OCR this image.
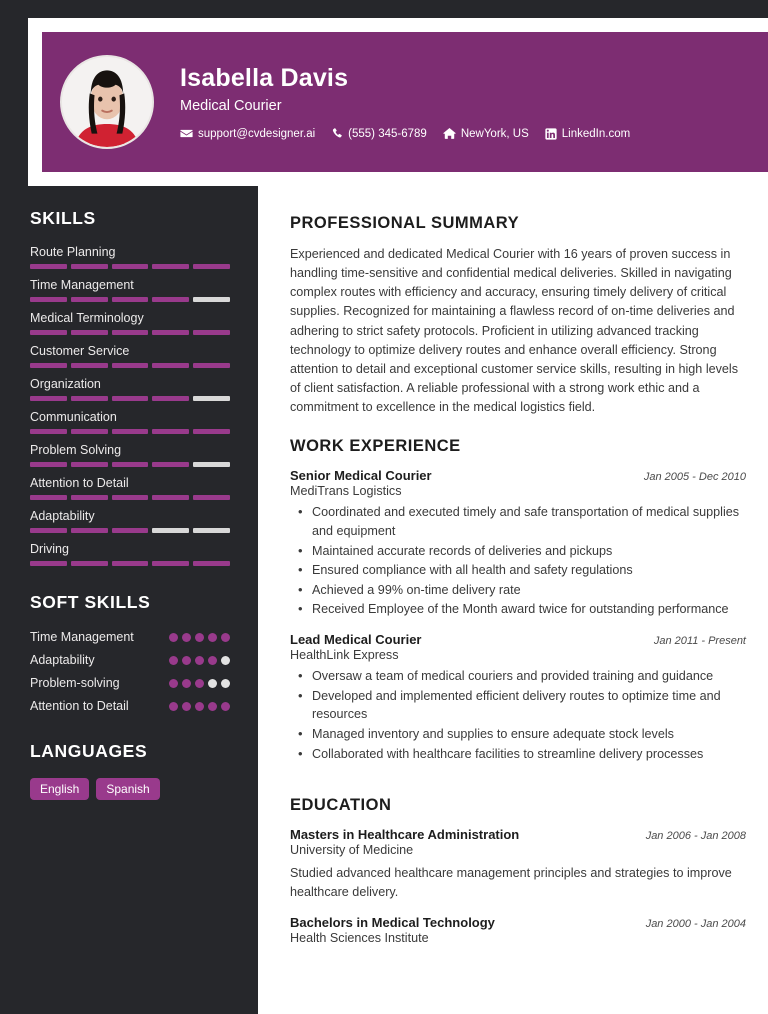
Isabella Davis
Medical Courier
support@cvdesigner.ai	(555) 345-6789	NewYork, US	LinkedIn.com
SKILLS
Route Planning
Time Management
Medical Terminology
Customer Service
Organization
Communication
Problem Solving
Attention to Detail
Adaptability
Driving
SOFT SKILLS
Time Management
Adaptability
Problem-solving
Attention to Detail
LANGUAGES
English	Spanish
PROFESSIONAL SUMMARY
Experienced and dedicated Medical Courier with 16 years of proven success in handling time-sensitive and confidential medical deliveries. Skilled in navigating complex routes with efficiency and accuracy, ensuring timely delivery of critical supplies. Recognized for maintaining a flawless record of on-time deliveries and adhering to strict safety protocols. Proficient in utilizing advanced tracking technology to optimize delivery routes and enhance overall efficiency. Strong attention to detail and exceptional customer service skills, resulting in high levels of client satisfaction. A reliable professional with a strong work ethic and a commitment to excellence in the medical logistics field.
WORK EXPERIENCE
Senior Medical Courier	Jan 2005 - Dec 2010
MediTrans Logistics
• Coordinated and executed timely and safe transportation of medical supplies and equipment
• Maintained accurate records of deliveries and pickups
• Ensured compliance with all health and safety regulations
• Achieved a 99% on-time delivery rate
• Received Employee of the Month award twice for outstanding performance
Lead Medical Courier	Jan 2011 - Present
HealthLink Express
• Oversaw a team of medical couriers and provided training and guidance
• Developed and implemented efficient delivery routes to optimize time and resources
• Managed inventory and supplies to ensure adequate stock levels
• Collaborated with healthcare facilities to streamline delivery processes
EDUCATION
Masters in Healthcare Administration	Jan 2006 - Jan 2008
University of Medicine
Studied advanced healthcare management principles and strategies to improve healthcare delivery.
Bachelors in Medical Technology	Jan 2000 - Jan 2004
Health Sciences Institute
